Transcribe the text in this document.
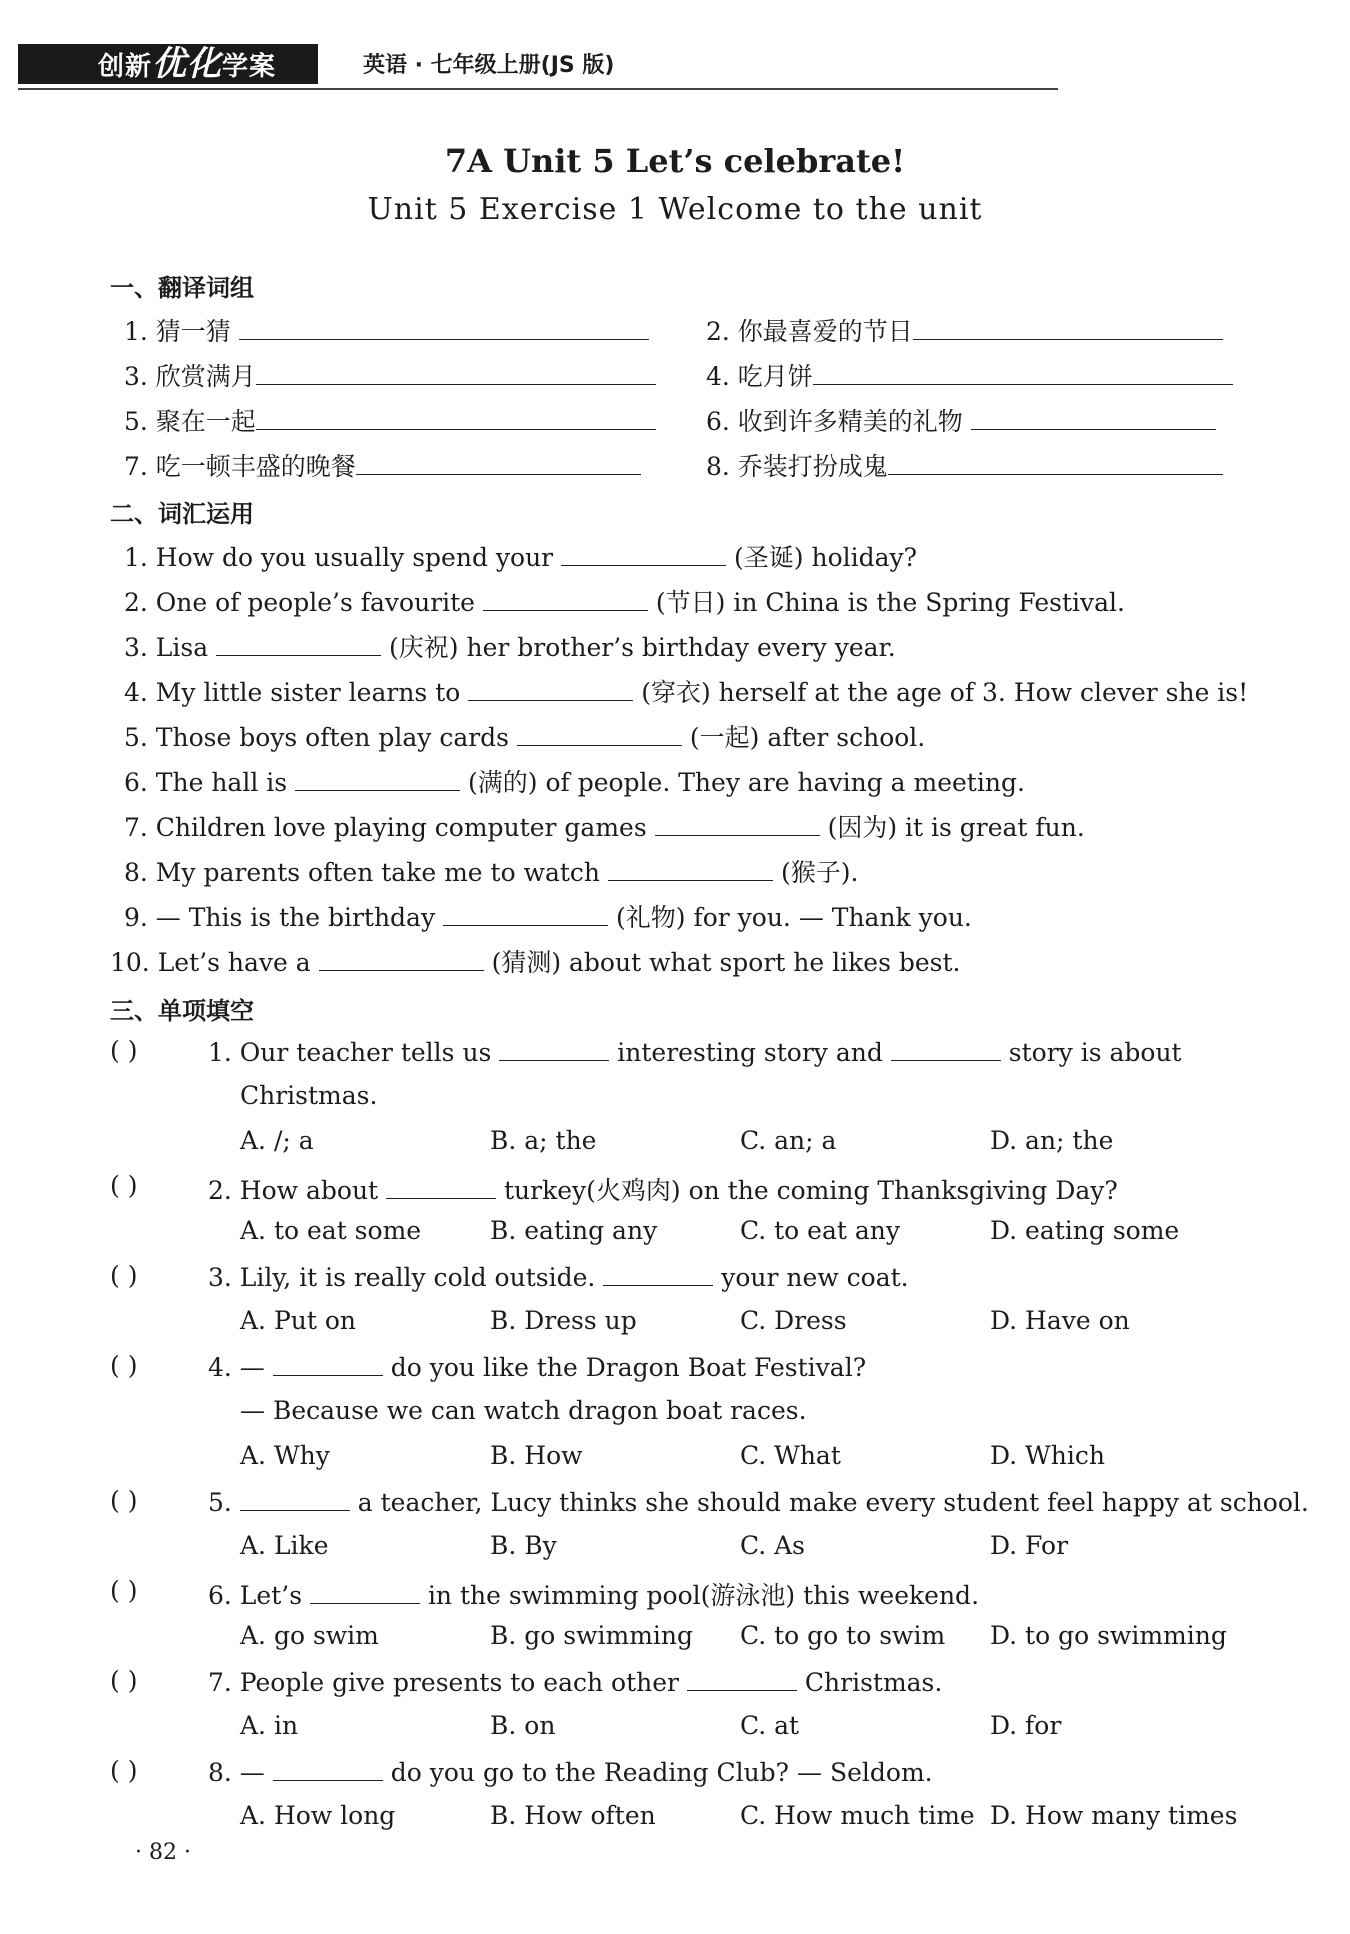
创新优化学案	英语 · 七年级上册(JS 版)
7A Unit 5 Let’s celebrate!
Unit 5 Exercise 1 Welcome to the unit
一、翻译词组
1. 猜一猜	2. 你最喜爱的节日
3. 欣赏满月	4. 吃月饼
5. 聚在一起	6. 收到许多精美的礼物
7. 吃一顿丰盛的晚餐	8. 乔装打扮成鬼
二、词汇运用
1. How do you usually spend your	(圣诞) holiday?
2. One of people’s favourite	(节日) in China is the Spring Festival.
3. Lisa	(庆祝) her brother’s birthday every year.
4. My little sister learns to	(穿衣) herself at the age of 3. How clever she is!
5. Those boys often play cards	(一起) after school.
6. The hall is	(满的) of people. They are having a meeting.
7. Children love playing computer games	(因为) it is great fun.
8. My parents often take me to watch	(猴子).
9. — This is the birthday	(礼物) for you. — Thank you.
10. Let’s have a	(猜测) about what sport he likes best.
三、单项填空
( )	1. Our teacher tells us	interesting story and	story is about
Christmas.
A. /; a	B. a; the	C. an; a	D. an; the
( )	2. How about	turkey(火鸡肉) on the coming Thanksgiving Day?
A. to eat some	B. eating any	C. to eat any	D. eating some
( )	3. Lily, it is really cold outside.	your new coat.
A. Put on	B. Dress up	C. Dress	D. Have on
( )	4. —	do you like the Dragon Boat Festival?
— Because we can watch dragon boat races.
A. Why	B. How	C. What	D. Which
( )	5.	a teacher, Lucy thinks she should make every student feel happy at school.
A. Like	B. By	C. As	D. For
( )	6. Let’s	in the swimming pool(游泳池) this weekend.
A. go swim	B. go swimming C. to go to swim D. to go swimming
( )	7. People give presents to each other	Christmas.
A. in	B. on	C. at	D. for
( )	8. —	do you go to the Reading Club? — Seldom.
A. How long	B. How often	C. How much time D. How many times
· 82 ·
